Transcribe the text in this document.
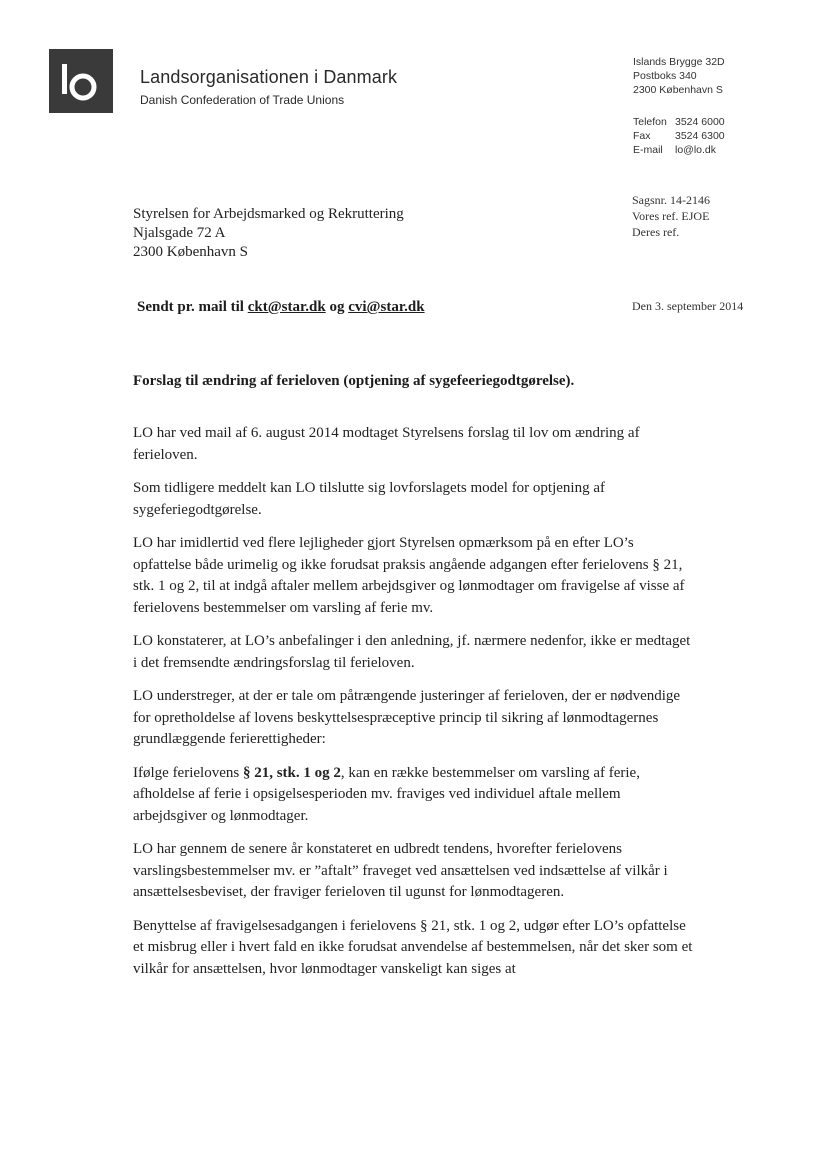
Landsorganisationen i Danmark
Danish Confederation of Trade Unions
Islands Brygge 32D
Postboks 340
2300 København S
Telefon 3524 6000
Fax	3524 6300
E-mail	lo@lo.dk
Sagsnr. 14-2146
Vores ref. EJOE
Deres ref.
Styrelsen for Arbejdsmarked og Rekruttering
Njalsgade 72 A
2300 København S
Sendt pr. mail til ckt@star.dk og cvi@star.dk	Den 3. september 2014
Forslag til ændring af ferieloven (optjening af sygefeeriegodtgørelse).

LO har ved mail af 6. august 2014 modtaget Styrelsens forslag til lov om ændring af ferieloven.

Som tidligere meddelt kan LO tilslutte sig lovforslagets model for optjening af sygeferiegodtgørelse.

LO har imidlertid ved flere lejligheder gjort Styrelsen opmærksom på en efter LO’s opfattelse både urimelig og ikke forudsat praksis angående adgangen efter ferielovens § 21, stk. 1 og 2, til at indgå aftaler mellem arbejdsgiver og lønmodtager om fravigelse af visse af ferielovens bestemmelser om varsling af ferie mv.

LO konstaterer, at LO’s anbefalinger i den anledning, jf. nærmere nedenfor, ikke er medtaget i det fremsendte ændringsforslag til ferieloven.

LO understreger, at der er tale om påtrængende justeringer af ferieloven, der er nødvendige for opretholdelse af lovens beskyttelsespræceptive princip til sikring af lønmodtagernes grundlæggende ferierettigheder:

Ifølge ferielovens § 21, stk. 1 og 2, kan en række bestemmelser om varsling af ferie, afholdelse af ferie i opsigelsesperioden mv. fraviges ved individuel aftale mellem arbejdsgiver og lønmodtager.

LO har gennem de senere år konstateret en udbredt tendens, hvorefter ferielovens varslingsbestemmelser mv. er ”aftalt” fraveget ved ansættelsen ved indsættelse af vilkår i ansættelsesbeviset, der fraviger ferieloven til ugunst for lønmodtageren.

Benyttelse af fravigelsesadgangen i ferielovens § 21, stk. 1 og 2, udgør efter LO’s opfattelse et misbrug eller i hvert fald en ikke forudsat anvendelse af bestemmelsen, når det sker som et vilkår for ansættelsen, hvor lønmodtager vanskeligt kan siges at
